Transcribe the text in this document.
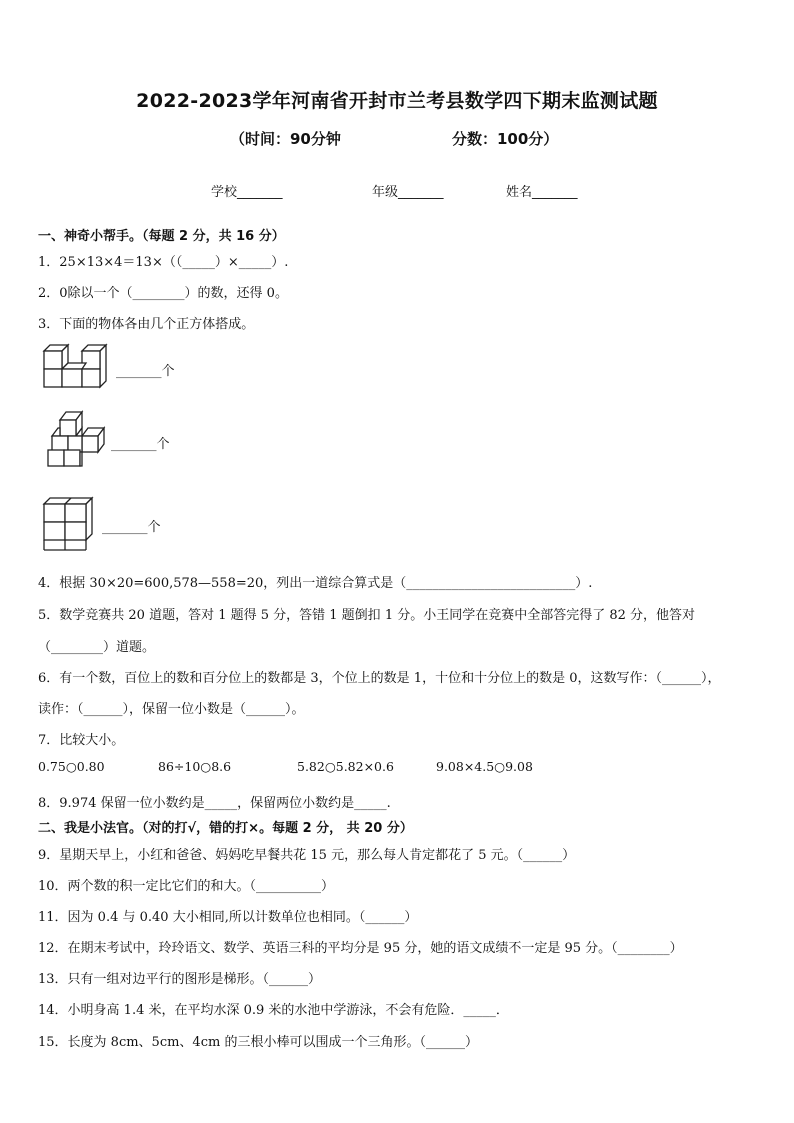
2022-2023学年河南省开封市兰考县数学四下期末监测试题
（时间：90分钟	分数：100分）
学校_______	年级_______	姓名_______
一、神奇小帮手。（每题 2 分，共 16 分）
1．25×13×4＝13×（（_____）×_____）.
2．0除以一个（________）的数，还得 0。
3．下面的物体各由几个正方体搭成。
_______个
_______个
_______个
4．根据 30×20=600,578—558=20，列出一道综合算式是（__________________________）.
5．数学竞赛共 20 道题，答对 1 题得 5 分，答错 1 题倒扣 1 分。小王同学在竞赛中全部答完得了 82 分，他答对
（________）道题。
6．有一个数，百位上的数和百分位上的数都是 3，个位上的数是 1，十位和十分位上的数是 0，这数写作：（______），
读作：（______），保留一位小数是（______）。
7．比较大小。
0.75○0.80	86÷10○8.6	5.82○5.82×0.6	9.08×4.5○9.08
8．9.974 保留一位小数约是_____，保留两位小数约是_____.
二、我是小法官。（对的打√，错的打×。每题 2 分， 共 20 分）
9．星期天早上，小红和爸爸、妈妈吃早餐共花 15 元，那么每人肯定都花了 5 元。（______）
10．两个数的积一定比它们的和大。（__________）
11．因为 0.4 与 0.40 大小相同,所以计数单位也相同。（______）
12．在期末考试中，玲玲语文、数学、英语三科的平均分是 95 分，她的语文成绩不一定是 95 分。（________）
13．只有一组对边平行的图形是梯形。（______）
14．小明身高 1.4 米，在平均水深 0.9 米的水池中学游泳，不会有危险．_____．
15．长度为 8cm、5cm、4cm 的三根小棒可以围成一个三角形。（______）
